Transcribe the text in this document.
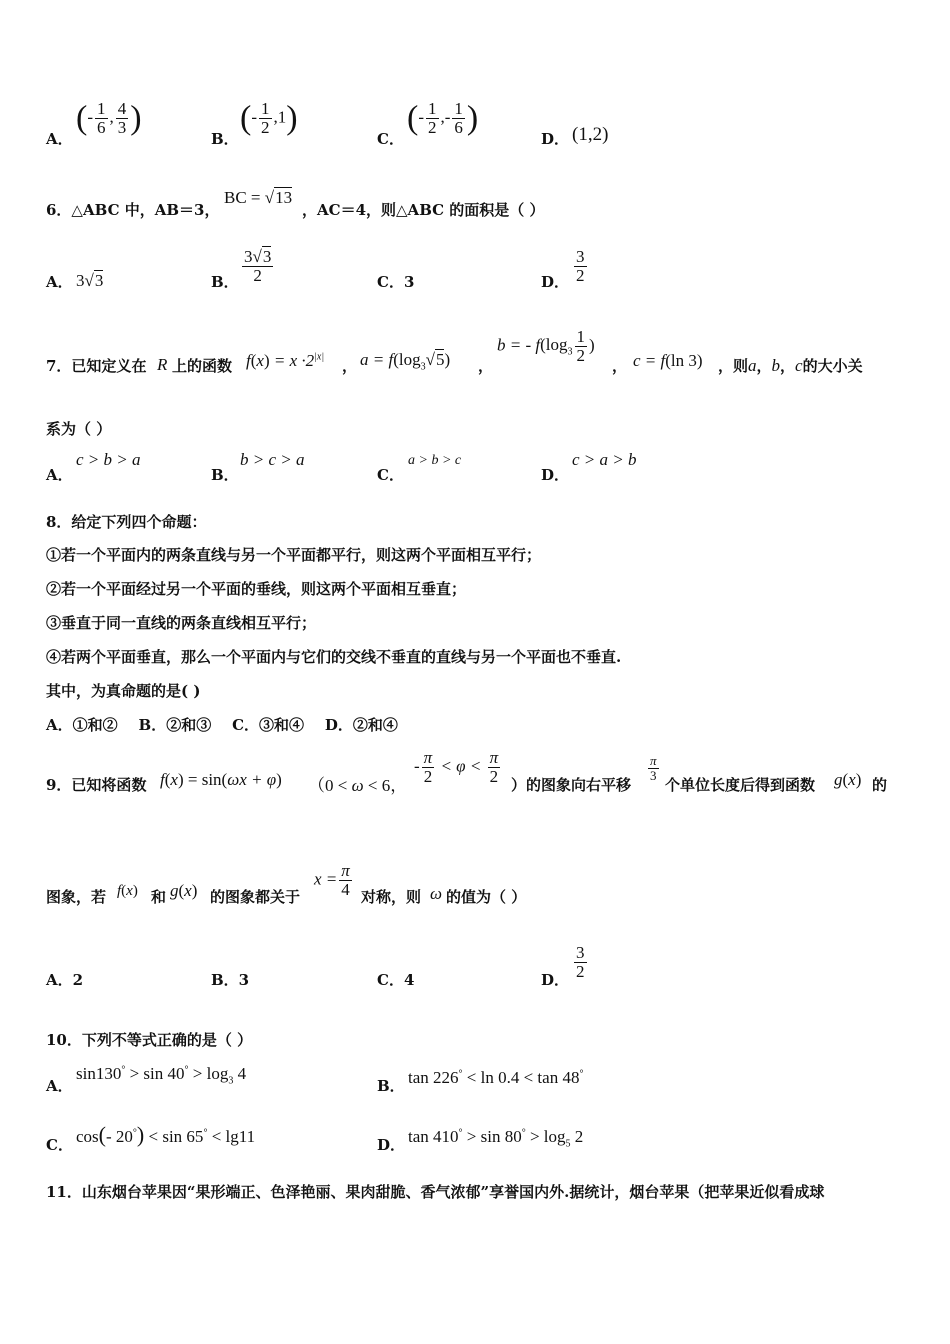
A．
(- $\frac{1}{6}$ , $\frac{4}{3}$ )
B．
(- $\frac{1}{2} ,1$)
C．
(- $\frac{1}{2}$ ,- $\frac{1}{6}$ )
D． (1,2)
6．△ABC 中，AB＝3，
BC = √13
，AC＝4，则△ABC 的面积是（ ）
A． 3√3	B． $\frac{3√3}{2}$	C．3	D． $\frac{3}{2}$
7．已知定义在 R 上的函数 $f(x) = x \cdot 2^{|x|}$
， $a = f(\log_3√5)$ ，
b = - $f(\log_3 \frac{1}{2}$ )
， c = f(ln 3) ，则a，b，c的大小关
系为（ ）
A．
c > b > a
B．
b > c > a
C．
a > b > c
D．
c > a > b
8．给定下列四个命题：
①若一个平面内的两条直线与另一个平面都平行，则这两个平面相互平行；
②若一个平面经过另一个平面的垂线，则这两个平面相互垂直；
③垂直于同一直线的两条直线相互平行；
④若两个平面垂直，那么一个平面内与它们的交线不垂直的直线与另一个平面也不垂直.
其中，为真命题的是( )
A．①和②    B．②和③    C．③和④    D．②和④
9．已知将函数 f(x) = sin(ωx + φ) （0 < ω < 6，
- $\frac{\pi}{2} < \varphi < \frac{\pi}{2}$ ）的图象向右平移
$\frac{\pi}{3}$
个单位长度后得到函数 g(x) 的
图象，若 f(x) 和 g(x) 的图象都关于
$x = \frac{\pi}{4}$ 对称，则 ω 的值为（ ）
A．2	B．3	C．4	D． $\frac{3}{2}$
10．下列不等式正确的是（ ）
A．
$\sin 130^\circ > \sin 40^\circ > \log_3 4$
B． tan 226° < ln 0.4 < tan 48°
C． cos(- 20°) < sin 65° < lg11	D． $\tan 410^\circ > \sin 80^\circ > \log_5 2$
11．山东烟台苹果因“果形端正、色泽艳丽、果肉甜脆、香气浓郁”享誉国内外.据统计，烟台苹果（把苹果近似看成球
